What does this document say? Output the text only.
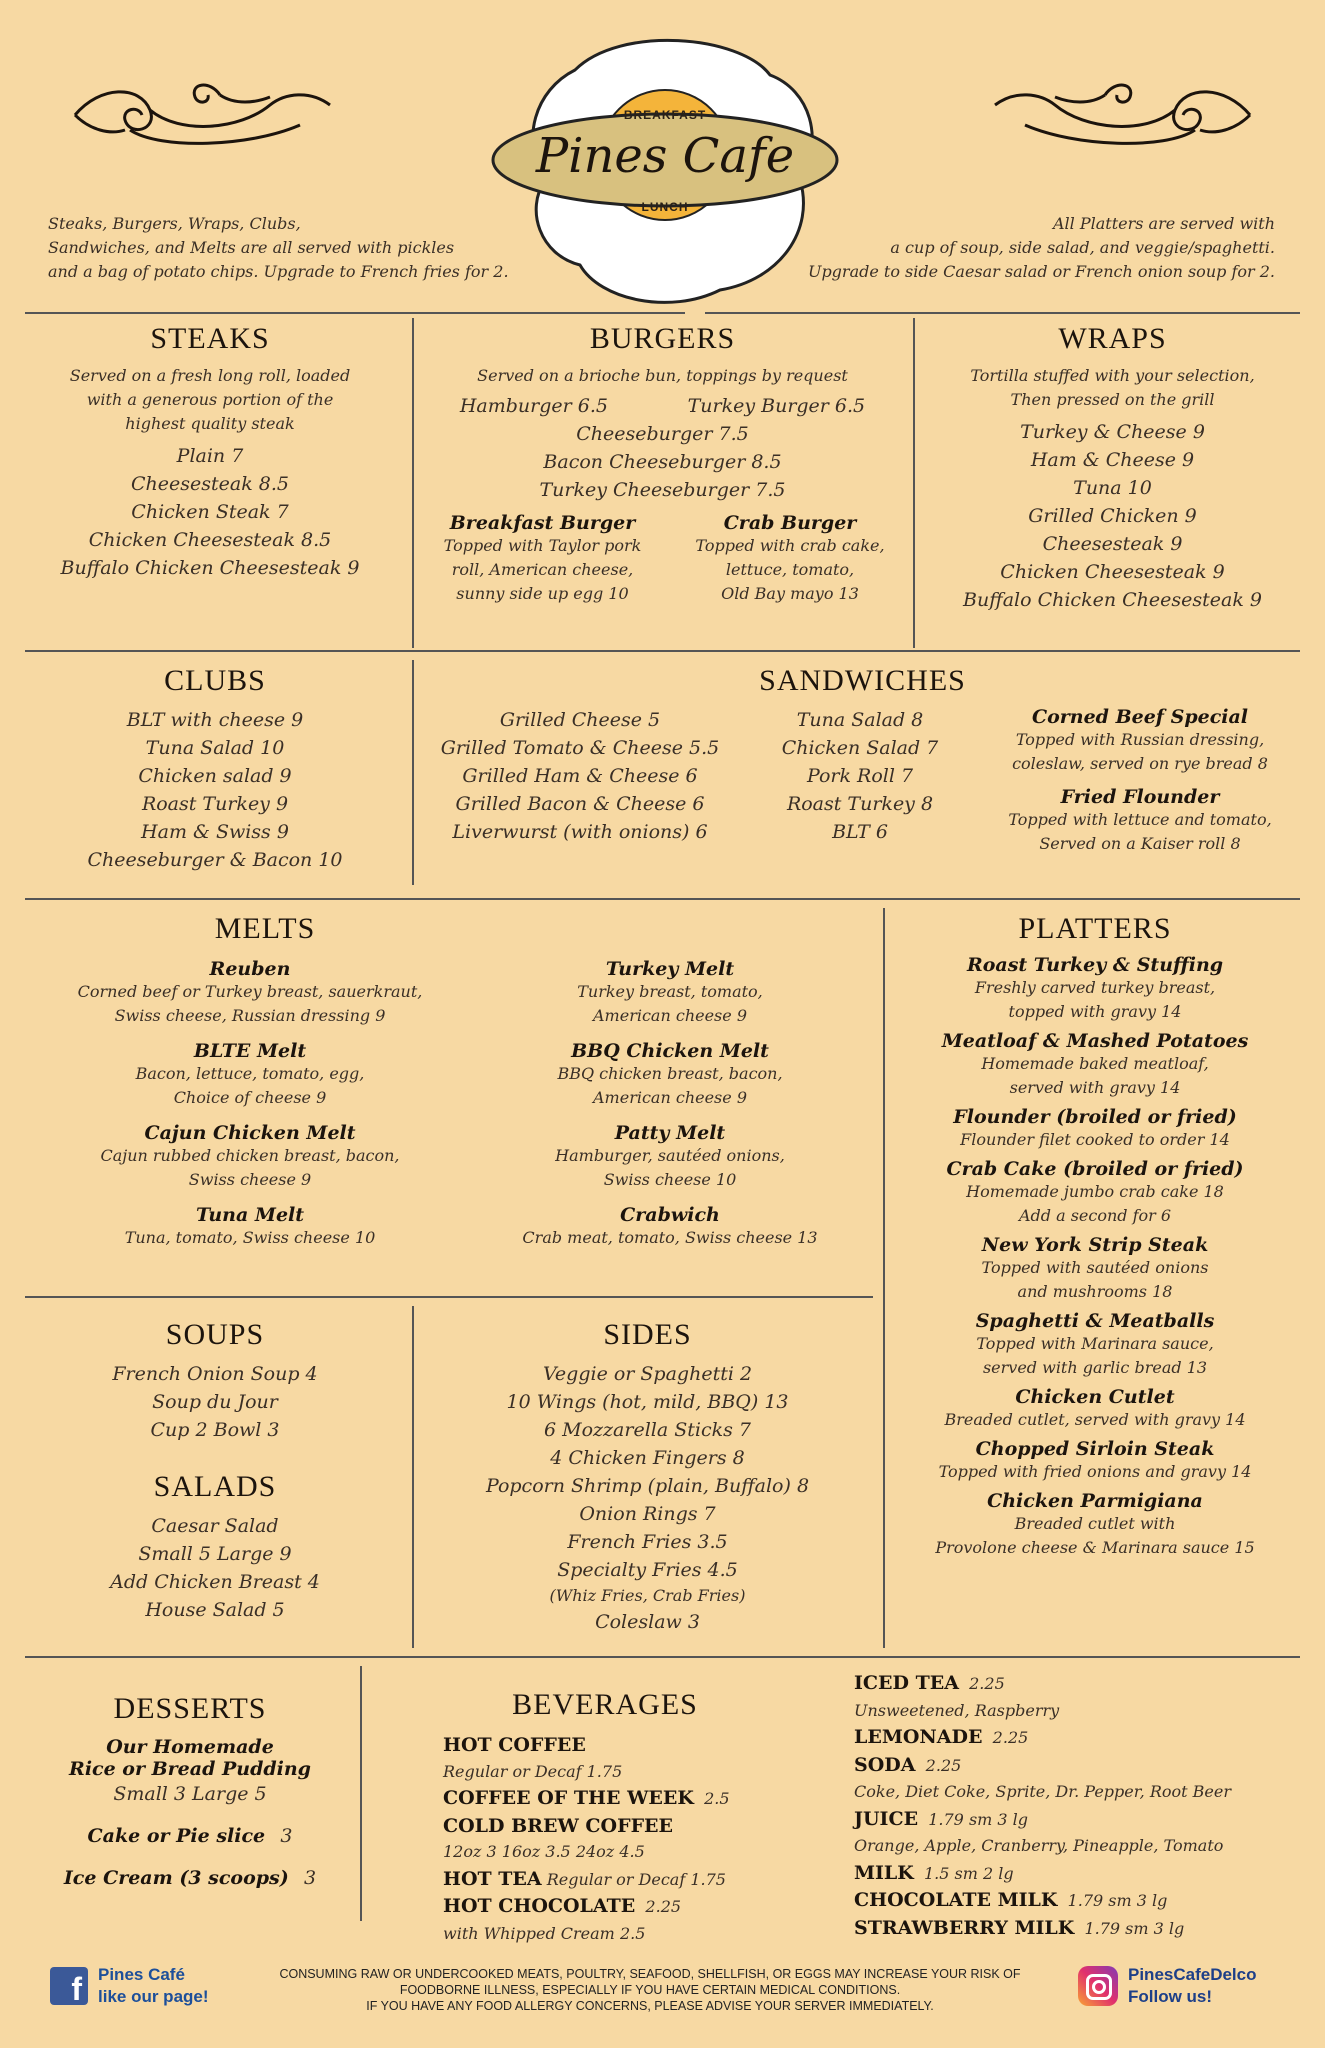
BREAKFAST
Pines Cafe
LUNCH
Steaks, Burgers, Wraps, Clubs,
Sandwiches, and Melts are all served with pickles
and a bag of potato chips. Upgrade to French fries for 2.
All Platters are served with
a cup of soup, side salad, and veggie/spaghetti.
Upgrade to side Caesar salad or French onion soup for 2.
STEAKS
Served on a fresh long roll, loaded
with a generous portion of the
highest quality steak
Plain 7
Cheesesteak 8.5
Chicken Steak 7
Chicken Cheesesteak 8.5
Buffalo Chicken Cheesesteak 9
BURGERS
Served on a brioche bun, toppings by request
Hamburger 6.5	Turkey Burger 6.5
Cheeseburger 7.5
Bacon Cheeseburger 8.5
Turkey Cheeseburger 7.5
Breakfast Burger
Topped with Taylor pork
roll, American cheese,
sunny side up egg 10
Crab Burger
Topped with crab cake,
lettuce, tomato,
Old Bay mayo 13
WRAPS
Tortilla stuffed with your selection,
Then pressed on the grill
Turkey & Cheese 9
Ham & Cheese 9
Tuna 10
Grilled Chicken 9
Cheesesteak 9
Chicken Cheesesteak 9
Buffalo Chicken Cheesesteak 9
CLUBS
BLT with cheese 9
Tuna Salad 10
Chicken salad 9
Roast Turkey 9
Ham & Swiss 9
Cheeseburger & Bacon 10
SANDWICHES
Grilled Cheese 5
Grilled Tomato & Cheese 5.5
Grilled Ham & Cheese 6
Grilled Bacon & Cheese 6
Liverwurst (with onions) 6
Tuna Salad 8
Chicken Salad 7
Pork Roll 7
Roast Turkey 8
BLT 6
Corned Beef Special
Topped with Russian dressing,
coleslaw, served on rye bread 8
Fried Flounder
Topped with lettuce and tomato,
Served on a Kaiser roll 8
MELTS
Reuben
Corned beef or Turkey breast, sauerkraut,
Swiss cheese, Russian dressing 9
BLTE Melt
Bacon, lettuce, tomato, egg,
Choice of cheese 9
Cajun Chicken Melt
Cajun rubbed chicken breast, bacon,
Swiss cheese 9
Tuna Melt
Tuna, tomato, Swiss cheese 10
Turkey Melt
Turkey breast, tomato,
American cheese 9
BBQ Chicken Melt
BBQ chicken breast, bacon,
American cheese 9
Patty Melt
Hamburger, sautéed onions,
Swiss cheese 10
Crabwich
Crab meat, tomato, Swiss cheese 13
PLATTERS
Roast Turkey & Stuffing
Freshly carved turkey breast,
topped with gravy 14
Meatloaf & Mashed Potatoes
Homemade baked meatloaf,
served with gravy 14
Flounder (broiled or fried)
Flounder filet cooked to order 14
Crab Cake (broiled or fried)
Homemade jumbo crab cake 18
Add a second for 6
New York Strip Steak
Topped with sautéed onions
and mushrooms 18
Spaghetti & Meatballs
Topped with Marinara sauce,
served with garlic bread 13
Chicken Cutlet
Breaded cutlet, served with gravy 14
Chopped Sirloin Steak
Topped with fried onions and gravy 14
Chicken Parmigiana
Breaded cutlet with
Provolone cheese & Marinara sauce 15
SOUPS
French Onion Soup 4
Soup du Jour
Cup 2 Bowl 3
SALADS
Caesar Salad
Small 5 Large 9
Add Chicken Breast 4
House Salad 5
SIDES
Veggie or Spaghetti 2
10 Wings (hot, mild, BBQ) 13
6 Mozzarella Sticks 7
4 Chicken Fingers 8
Popcorn Shrimp (plain, Buffalo) 8
Onion Rings 7
French Fries 3.5
Specialty Fries 4.5
(Whiz Fries, Crab Fries)
Coleslaw 3
DESSERTS
Our Homemade
Rice or Bread Pudding
Small 3 Large 5
Cake or Pie slice 3
Ice Cream (3 scoops) 3
BEVERAGES
HOT COFFEE
Regular or Decaf 1.75
COFFEE OF THE WEEK 2.5
COLD BREW COFFEE
12oz 3 16oz 3.5 24oz 4.5
HOT TEA Regular or Decaf 1.75
HOT CHOCOLATE 2.25
with Whipped Cream 2.5
ICED TEA 2.25
Unsweetened, Raspberry
LEMONADE 2.25
SODA 2.25
Coke, Diet Coke, Sprite, Dr. Pepper, Root Beer
JUICE 1.79 sm 3 lg
Orange, Apple, Cranberry, Pineapple, Tomato
MILK 1.5 sm 2 lg
CHOCOLATE MILK 1.79 sm 3 lg
STRAWBERRY MILK 1.79 sm 3 lg
f Pines Café
like our page!
CONSUMING RAW OR UNDERCOOKED MEATS, POULTRY, SEAFOOD, SHELLFISH, OR EGGS MAY INCREASE YOUR RISK OF
FOODBORNE ILLNESS, ESPECIALLY IF YOU HAVE CERTAIN MEDICAL CONDITIONS.
IF YOU HAVE ANY FOOD ALLERGY CONCERNS, PLEASE ADVISE YOUR SERVER IMMEDIATELY.
PinesCafeDelco
Follow us!
